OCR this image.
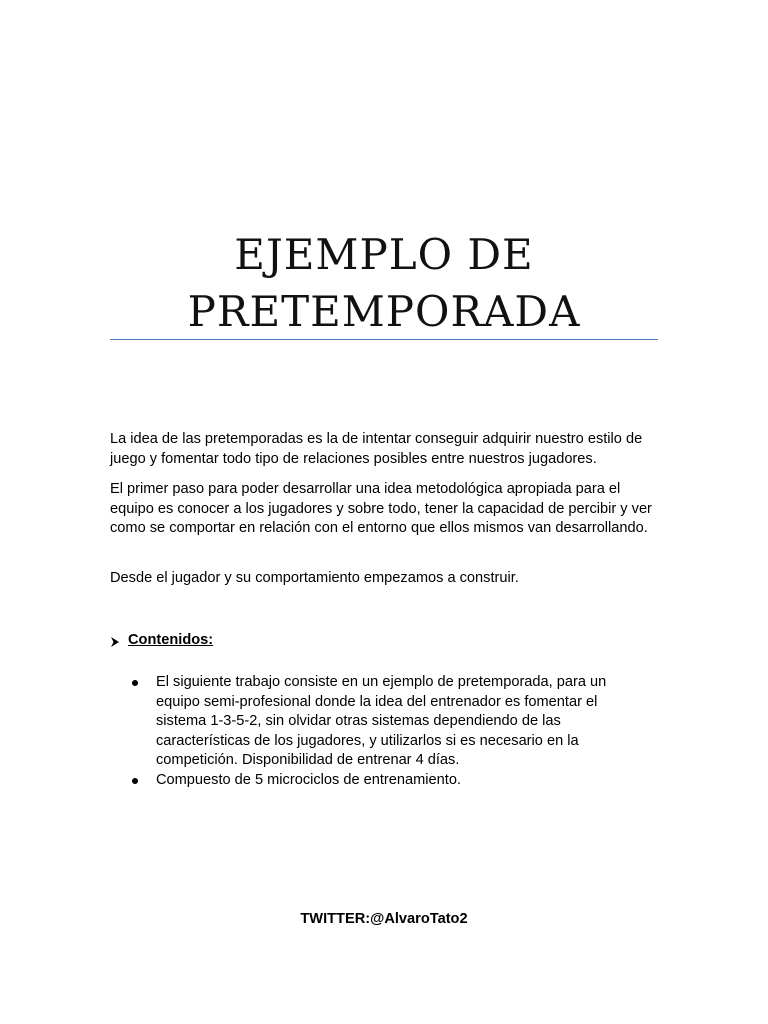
EJEMPLO DE
PRETEMPORADA

La idea de las pretemporadas es la de intentar conseguir adquirir nuestro estilo de juego y fomentar todo tipo de relaciones posibles entre nuestros jugadores.

El primer paso para poder desarrollar una idea metodológica apropiada para el equipo es conocer a los jugadores y sobre todo, tener la capacidad de percibir y ver como se comportar en relación con el entorno que ellos mismos van desarrollando.

Desde el jugador y su comportamiento empezamos a construir.

Contenidos:
El siguiente trabajo consiste en un ejemplo de pretemporada, para un equipo semi-profesional donde la idea del entrenador es fomentar el sistema 1-3-5-2, sin olvidar otras sistemas dependiendo de las características de los jugadores, y utilizarlos si es necesario en la competición. Disponibilidad de entrenar 4 días.
Compuesto de 5 microciclos de entrenamiento.
TWITTER:@AlvaroTato2
